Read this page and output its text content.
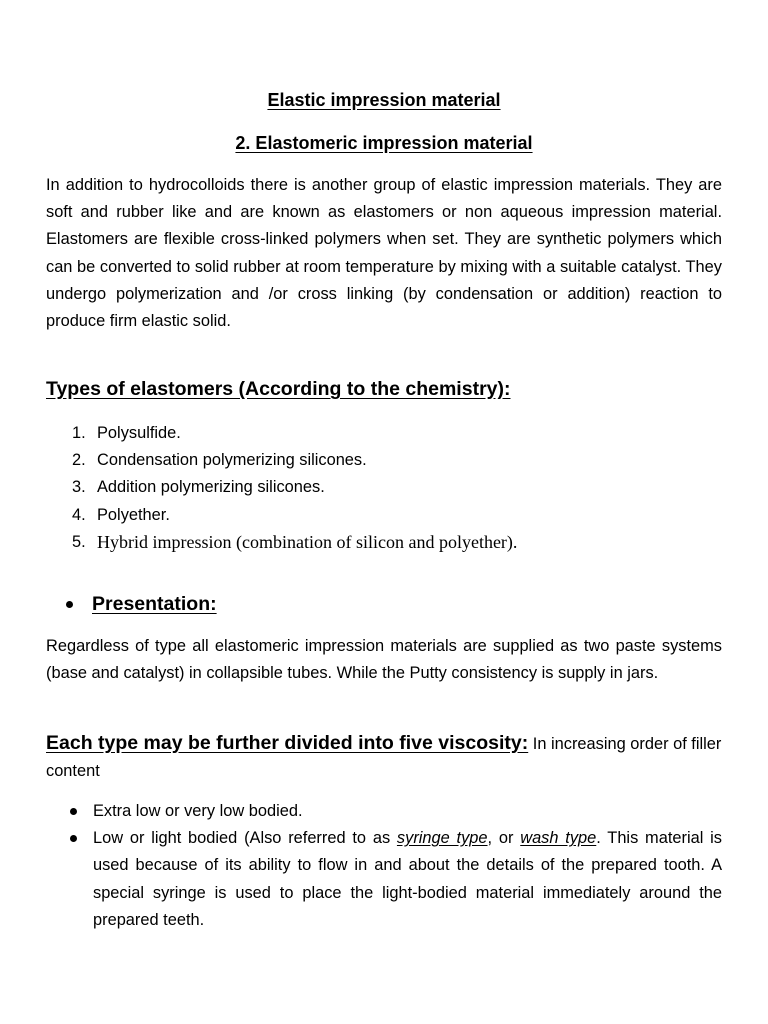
Elastic impression material
2. Elastomeric impression material
In addition to hydrocolloids there is another group of elastic impression materials. They are soft and rubber like and are known as elastomers or non aqueous impression material. Elastomers are flexible cross-linked polymers when set. They are synthetic polymers which can be converted to solid rubber at room temperature by mixing with a suitable catalyst. They undergo polymerization and /or cross linking (by condensation or addition) reaction to produce firm elastic solid.
Types of elastomers (According to the chemistry):
1. Polysulfide.
2. Condensation polymerizing silicones.
3. Addition polymerizing silicones.
4. Polyether.
5. Hybrid impression (combination of silicon and polyether).
Presentation:
Regardless of type all elastomeric impression materials are supplied as two paste systems (base and catalyst) in collapsible tubes. While the Putty consistency is supply in jars.
Each type may be further divided into five viscosity: In increasing order of filler content
Extra low or very low bodied.
Low or light bodied (Also referred to as syringe type, or wash type. This material is used because of its ability to flow in and about the details of the prepared tooth. A special syringe is used to place the light-bodied material immediately around the prepared teeth.
